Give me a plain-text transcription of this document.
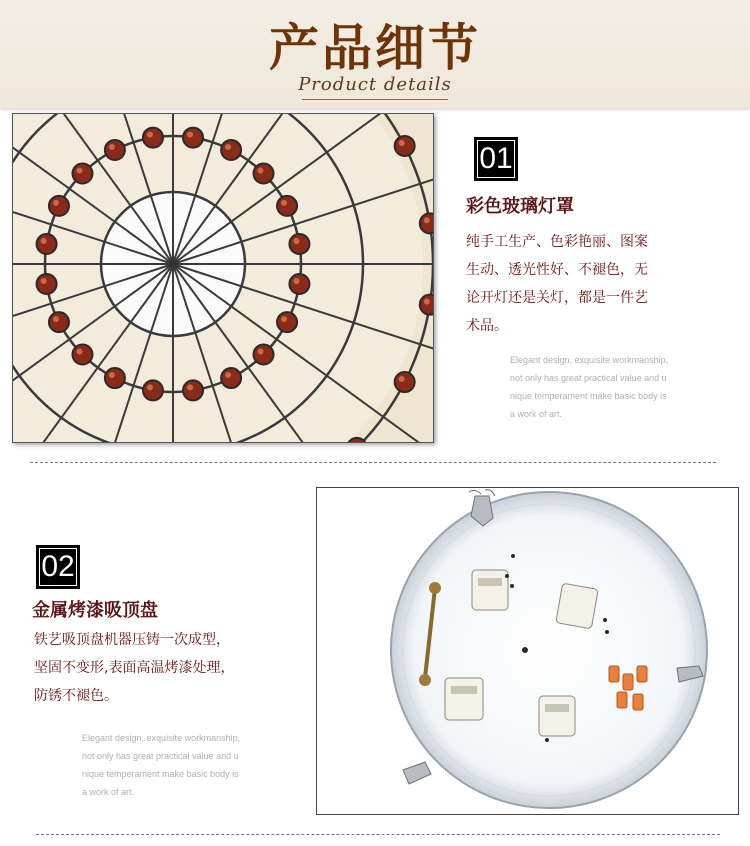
产品细节
Product details
01
彩色玻璃灯罩
纯手工生产、色彩艳丽、图案
生动、透光性好、不褪色，无
论开灯还是关灯，都是一件艺
术品。
Elegant design, exquisite workmanship,
not only has great practical value and u
nique temperament make basic body is
a work of art.
02
金属烤漆吸顶盘
铁艺吸顶盘机器压铸一次成型，
坚固不变形,表面高温烤漆处理，
防锈不褪色。
Elegant design, exquisite workmanship,
not only has great practical value and u
nique temperament make basic body is
a work of art.
